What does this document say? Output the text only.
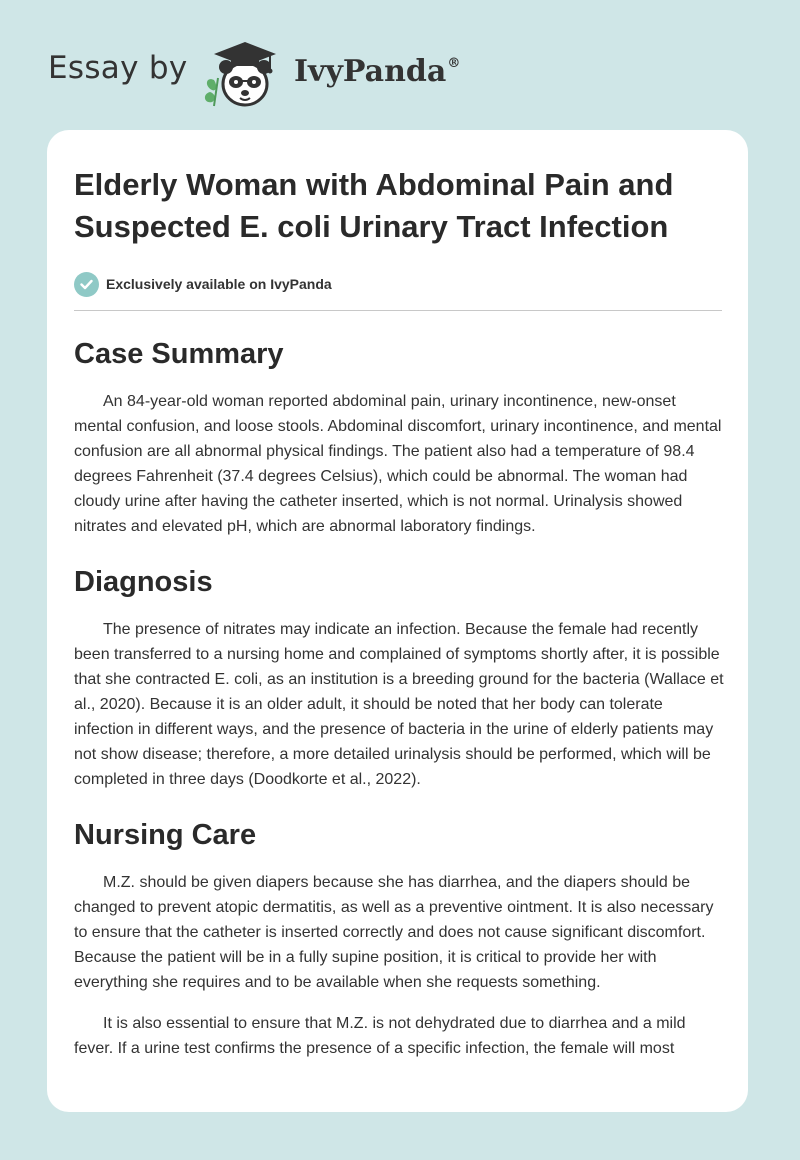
Essay by	IvyPanda®
Elderly Woman with Abdominal Pain and Suspected E. coli Urinary Tract Infection
Exclusively available on IvyPanda
Case Summary

An 84-year-old woman reported abdominal pain, urinary incontinence, new-onset mental confusion, and loose stools. Abdominal discomfort, urinary incontinence, and mental confusion are all abnormal physical findings. The patient also had a temperature of 98.4 degrees Fahrenheit (37.4 degrees Celsius), which could be abnormal. The woman had cloudy urine after having the catheter inserted, which is not normal. Urinalysis showed nitrates and elevated pH, which are abnormal laboratory findings.

Diagnosis

The presence of nitrates may indicate an infection. Because the female had recently been transferred to a nursing home and complained of symptoms shortly after, it is possible that she contracted E. coli, as an institution is a breeding ground for the bacteria (Wallace et al., 2020). Because it is an older adult, it should be noted that her body can tolerate infection in different ways, and the presence of bacteria in the urine of elderly patients may not show disease; therefore, a more detailed urinalysis should be performed, which will be completed in three days (Doodkorte et al., 2022).

Nursing Care

M.Z. should be given diapers because she has diarrhea, and the diapers should be changed to prevent atopic dermatitis, as well as a preventive ointment. It is also necessary to ensure that the catheter is inserted correctly and does not cause significant discomfort. Because the patient will be in a fully supine position, it is critical to provide her with everything she requires and to be available when she requests something.

It is also essential to ensure that M.Z. is not dehydrated due to diarrhea and a mild fever. If a urine test confirms the presence of a specific infection, the female will most
